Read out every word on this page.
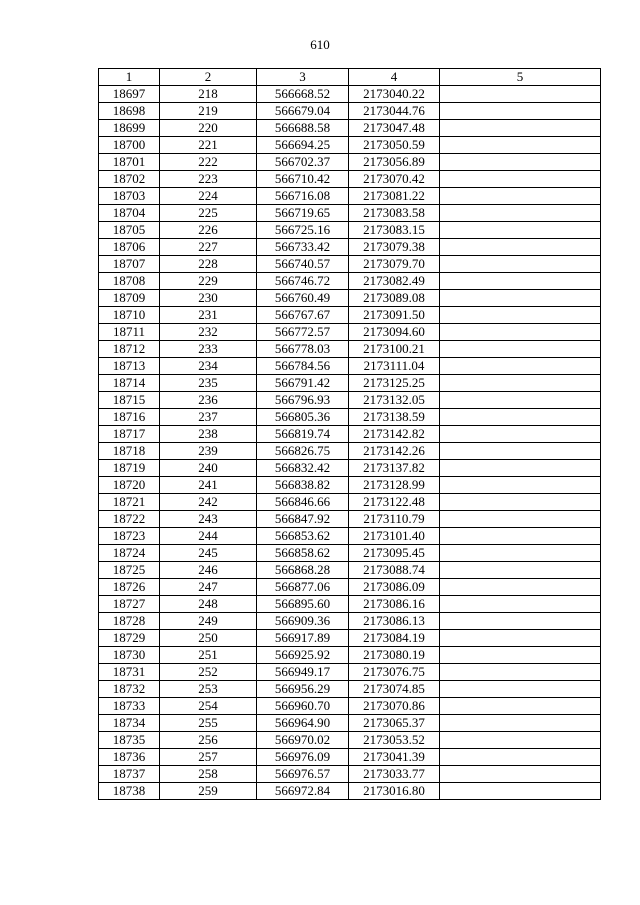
610
1	2	3	4	5
18697	218	566668.52	2173040.22	
18698	219	566679.04	2173044.76	
18699	220	566688.58	2173047.48	
18700	221	566694.25	2173050.59	
18701	222	566702.37	2173056.89	
18702	223	566710.42	2173070.42	
18703	224	566716.08	2173081.22	
18704	225	566719.65	2173083.58	
18705	226	566725.16	2173083.15	
18706	227	566733.42	2173079.38	
18707	228	566740.57	2173079.70	
18708	229	566746.72	2173082.49	
18709	230	566760.49	2173089.08	
18710	231	566767.67	2173091.50	
18711	232	566772.57	2173094.60	
18712	233	566778.03	2173100.21	
18713	234	566784.56	2173111.04	
18714	235	566791.42	2173125.25	
18715	236	566796.93	2173132.05	
18716	237	566805.36	2173138.59	
18717	238	566819.74	2173142.82	
18718	239	566826.75	2173142.26	
18719	240	566832.42	2173137.82	
18720	241	566838.82	2173128.99	
18721	242	566846.66	2173122.48	
18722	243	566847.92	2173110.79	
18723	244	566853.62	2173101.40	
18724	245	566858.62	2173095.45	
18725	246	566868.28	2173088.74	
18726	247	566877.06	2173086.09	
18727	248	566895.60	2173086.16	
18728	249	566909.36	2173086.13	
18729	250	566917.89	2173084.19	
18730	251	566925.92	2173080.19	
18731	252	566949.17	2173076.75	
18732	253	566956.29	2173074.85	
18733	254	566960.70	2173070.86	
18734	255	566964.90	2173065.37	
18735	256	566970.02	2173053.52	
18736	257	566976.09	2173041.39	
18737	258	566976.57	2173033.77	
18738	259	566972.84	2173016.80	
